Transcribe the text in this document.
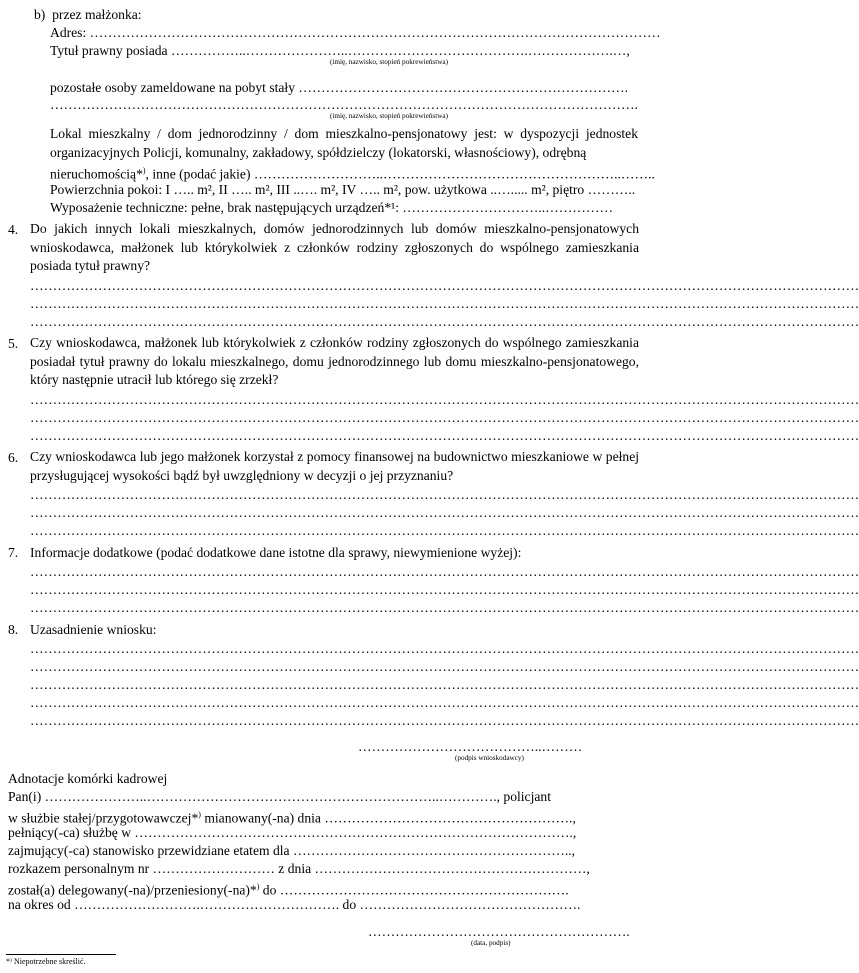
b)  przez małżonka:
Adres: ………………………………………………………………………………………………………………
Tytuł prawny posiada ……………..…………………..………………………………….……………….…,
(imię, nazwisko, stopień pokrewieństwa)
pozostałe osoby zameldowane na pobyt stały ……………………………………………………………….
………………………………………………………………………………………………………………….
(imię, nazwisko, stopień pokrewieństwa)
Lokal mieszkalny / dom jednorodzinny / dom mieszkalno-pensjonatowy jest: w dyspozycji jednostek organizacyjnych Policji, komunalny, zakładowy, spółdzielczy (lokatorski, własnościowy), odrębną
nieruchomością*), inne (podać jakie) ………………………..……………………………………………..……..
Powierzchnia pokoi: I ….. m², II ….. m², III ..…. m², IV ….. m², pow. użytkowa ..…..... m², piętro ………..
Wyposażenie techniczne: pełne, brak następujących urządzeń*¹: …………………………..……………
4. Do jakich innych lokali mieszkalnych, domów jednorodzinnych lub domów mieszkalno-pensjonatowych wnioskodawca, małżonek lub którykolwiek z członków rodziny zgłoszonych do wspólnego zamieszkania posiada tytuł prawny?
…………………………………………………………………………………………………………………………………………………………………
…………………………………………………………………………………………………………………………………………………………………
…………………………………………………………………………………………………………………………………………………………………
5. Czy wnioskodawca, małżonek lub którykolwiek z członków rodziny zgłoszonych do wspólnego zamieszkania posiadał tytuł prawny do lokalu mieszkalnego, domu jednorodzinnego lub domu mieszkalno-pensjonatowego, który następnie utracił lub którego się zrzekł?
…………………………………………………………………………………………………………………………………………………………………
…………………………………………………………………………………………………………………………………………………………………
…………………………………………………………………………………………………………………………………………………………………
6. Czy wnioskodawca lub jego małżonek korzystał z pomocy finansowej na budownictwo mieszkaniowe w pełnej przysługującej wysokości bądź był uwzględniony w decyzji o jej przyznaniu?
…………………………………………………………………………………………………………………………………………………………………
…………………………………………………………………………………………………………………………………………………………………
…………………………………………………………………………………………………………………………………………………………………
7. Informacje dodatkowe (podać dodatkowe dane istotne dla sprawy, niewymienione wyżej):
…………………………………………………………………………………………………………………………………………………………………
…………………………………………………………………………………………………………………………………………………………………
…………………………………………………………………………………………………………………………………………………………………
8. Uzasadnienie wniosku:
…………………………………………………………………………………………………………………………………………………………………
…………………………………………………………………………………………………………………………………………………………………
…………………………………………………………………………………………………………………………………………………………………
…………………………………………………………………………………………………………………………………………………………………
…………………………………………………………………………………………………………………………………………………………………
…………………………………..………
(podpis wnioskodawcy)
Adnotacje komórki kadrowej
Pan(i) …………………..………………………………………………………..…………., policjant
w służbie stałej/przygotowawczej*) mianowany(-na) dnia ……………………………………………….,
pełniący(-ca) służbę w …………………………………………………………………………………….,
zajmujący(-ca) stanowisko przewidziane etatem dla ……………………………………………………..,
rozkazem personalnym nr ……………………… z dnia ……………………………………………………,
został(a) delegowany(-na)/przeniesiony(-na)*) do ……………………………………………………….
na okres od ……………………….…………………………. do ………………………………………….
………………………………………………….
(data, podpis)
*⁾ Niepotrzebne skreślić.
